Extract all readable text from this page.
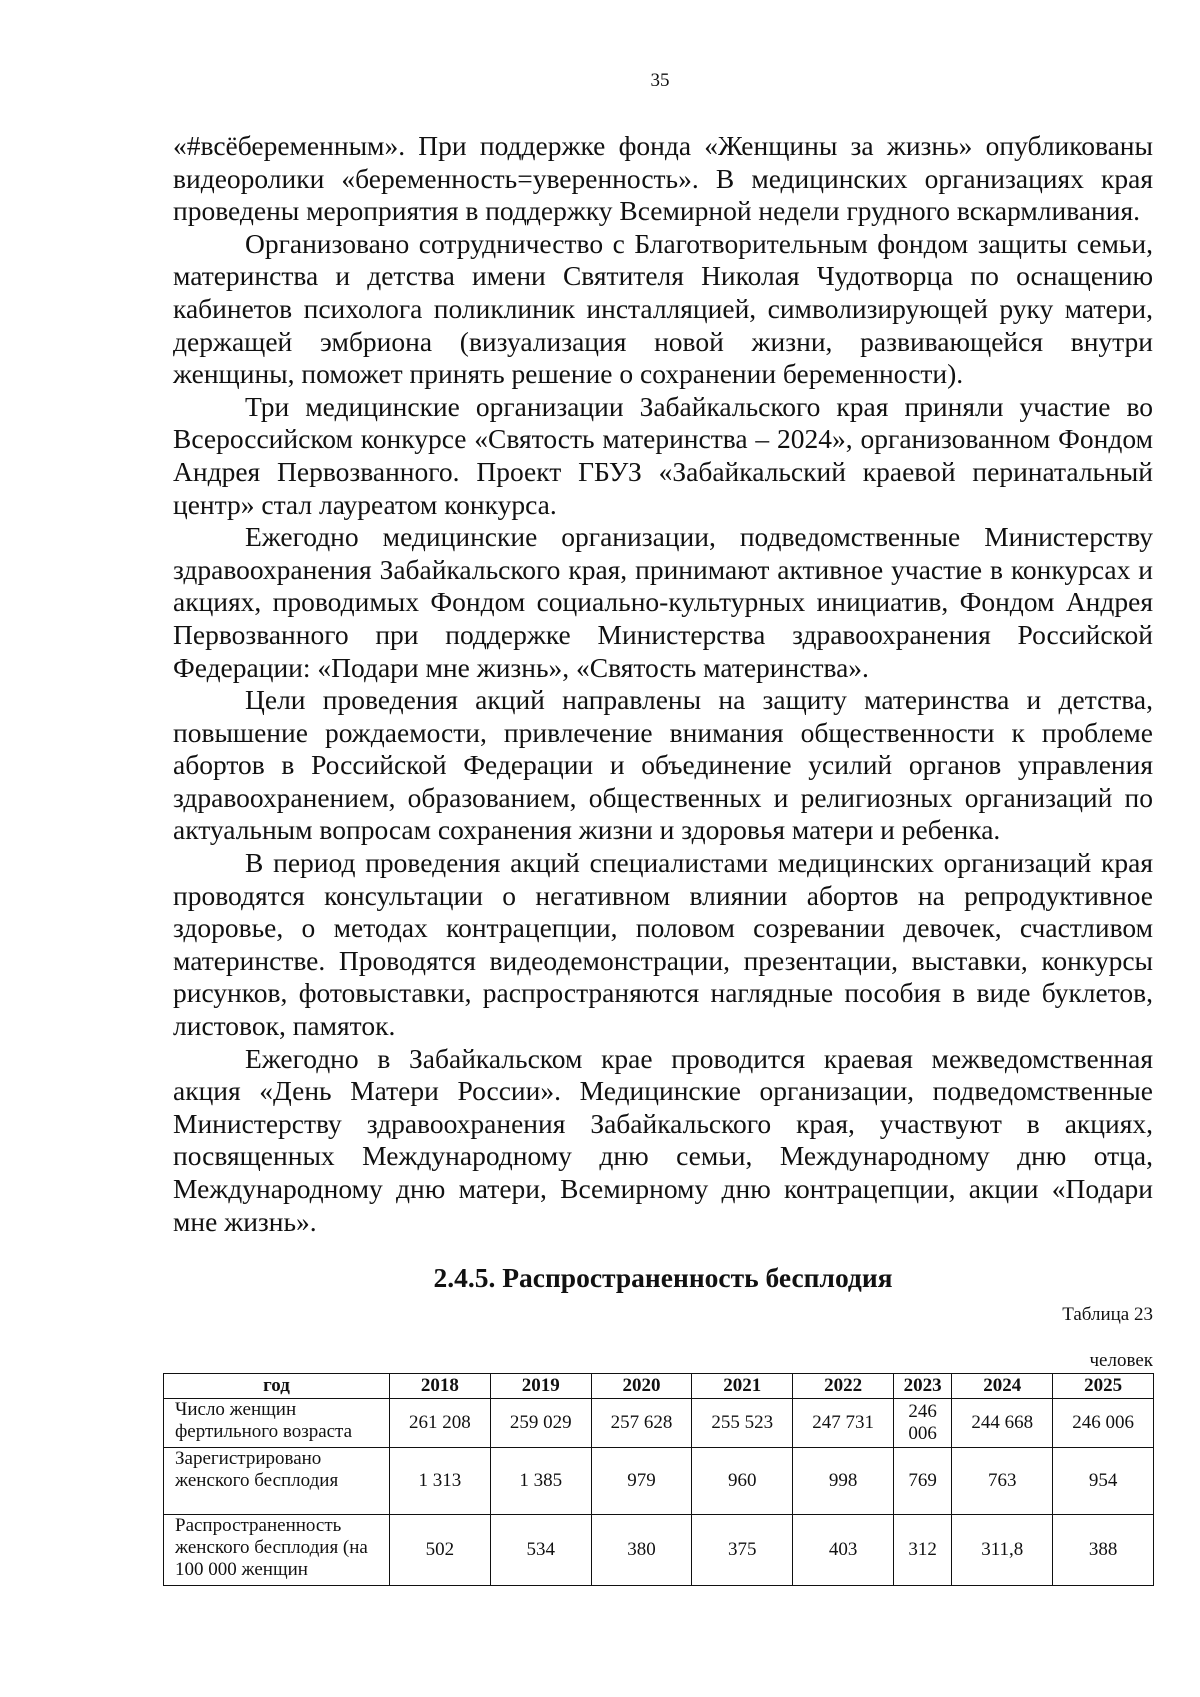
35

«#всёбеременным». При поддержке фонда «Женщины за жизнь» опубликованы видеоролики «беременность=уверенность». В медицинских организациях края проведены мероприятия в поддержку Всемирной недели грудного вскармливания.

Организовано сотрудничество с Благотворительным фондом защиты семьи, материнства и детства имени Святителя Николая Чудотворца по оснащению кабинетов психолога поликлиник инсталляцией, символизирующей руку матери, держащей эмбриона (визуализация новой жизни, развивающейся внутри женщины, поможет принять решение о сохранении беременности).

Три медицинские организации Забайкальского края приняли участие во Всероссийском конкурсе «Святость материнства – 2024», организованном Фондом Андрея Первозванного. Проект ГБУЗ «Забайкальский краевой перинатальный центр» стал лауреатом конкурса.

Ежегодно медицинские организации, подведомственные Министерству здравоохранения Забайкальского края, принимают активное участие в конкурсах и акциях, проводимых Фондом социально-культурных инициатив, Фондом Андрея Первозванного при поддержке Министерства здравоохранения Российской Федерации: «Подари мне жизнь», «Святость материнства».

Цели проведения акций направлены на защиту материнства и детства, повышение рождаемости, привлечение внимания общественности к проблеме абортов в Российской Федерации и объединение усилий органов управления здравоохранением, образованием, общественных и религиозных организаций по актуальным вопросам сохранения жизни и здоровья матери и ребенка.

В период проведения акций специалистами медицинских организаций края проводятся консультации о негативном влиянии абортов на репродуктивное здоровье, о методах контрацепции, половом созревании девочек, счастливом материнстве. Проводятся видеодемонстрации, презентации, выставки, конкурсы рисунков, фотовыставки, распространяются наглядные пособия в виде буклетов, листовок, памяток.

Ежегодно в Забайкальском крае проводится краевая межведомственная акция «День Матери России». Медицинские организации, подведомственные Министерству здравоохранения Забайкальского края, участвуют в акциях, посвященных Международному дню семьи, Международному дню отца, Международному дню матери, Всемирному дню контрацепции, акции «Подари мне жизнь».

2.4.5. Распространенность бесплодия
Таблица 23
человек
год	2018	2019	2020	2021	2022	2023	2024	2025
Число женщин фертильного возраста	261 208	259 029	257 628	255 523	247 731	246 006	244 668	246 006
Зарегистрировано женского бесплодия	1 313	1 385	979	960	998	769	763	954
Распространенность женского бесплодия (на 100 000 женщин	502	534	380	375	403	312	311,8	388
